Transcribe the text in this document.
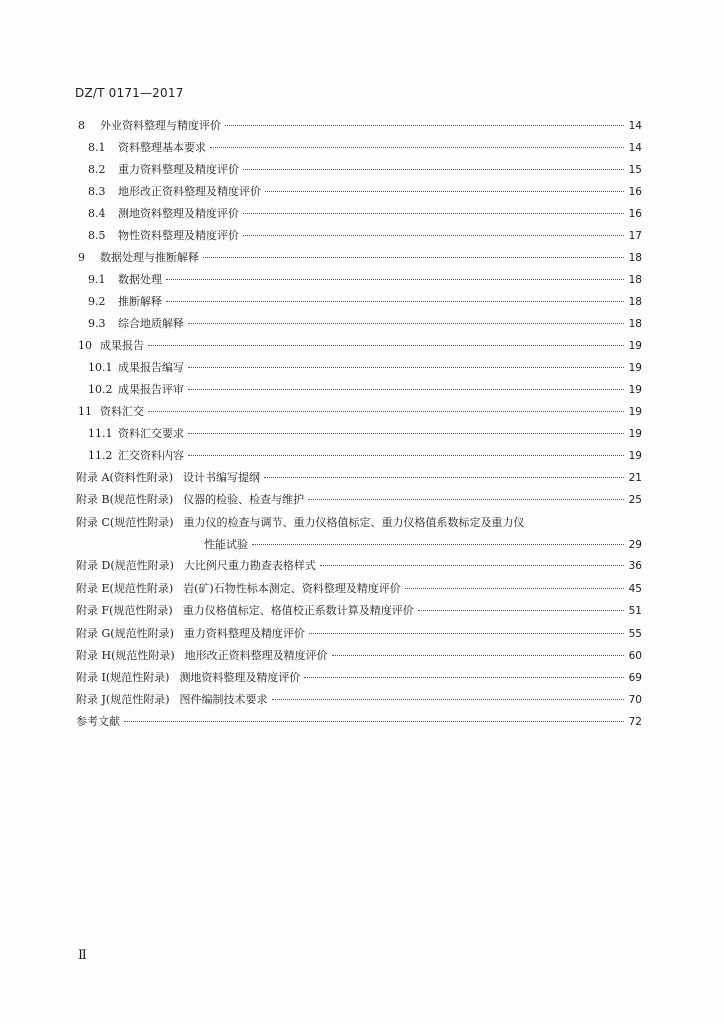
DZ/T 0171—2017
8	外业资料整理与精度评价	14
8.1	资料整理基本要求	14
8.2	重力资料整理及精度评价	15
8.3	地形改正资料整理及精度评价	16
8.4	测地资料整理及精度评价	16
8.5	物性资料整理及精度评价	17
9	数据处理与推断解释	18
9.1	数据处理	18
9.2	推断解释	18
9.3	综合地质解释	18
10 成果报告	19
10.1 成果报告编写	19
10.2 成果报告评审	19
11 资料汇交	19
11.1 资料汇交要求	19
11.2 汇交资料内容	19
附录 A(资料性附录) 设计书编写提纲	21
附录 B(规范性附录) 仪器的检验、检查与维护	25
附录 C(规范性附录) 重力仪的检查与调节、重力仪格值标定、重力仪格值系数标定及重力仪
性能试验	29
附录 D(规范性附录) 大比例尺重力勘查表格样式	36
附录 E(规范性附录) 岩(矿)石物性标本测定、资料整理及精度评价	45
附录 F(规范性附录) 重力仪格值标定、格值校正系数计算及精度评价	51
附录 G(规范性附录) 重力资料整理及精度评价	55
附录 H(规范性附录) 地形改正资料整理及精度评价	60
附录 I(规范性附录) 测地资料整理及精度评价	69
附录 J(规范性附录) 图件编制技术要求	70
参考文献	72
Ⅱ
